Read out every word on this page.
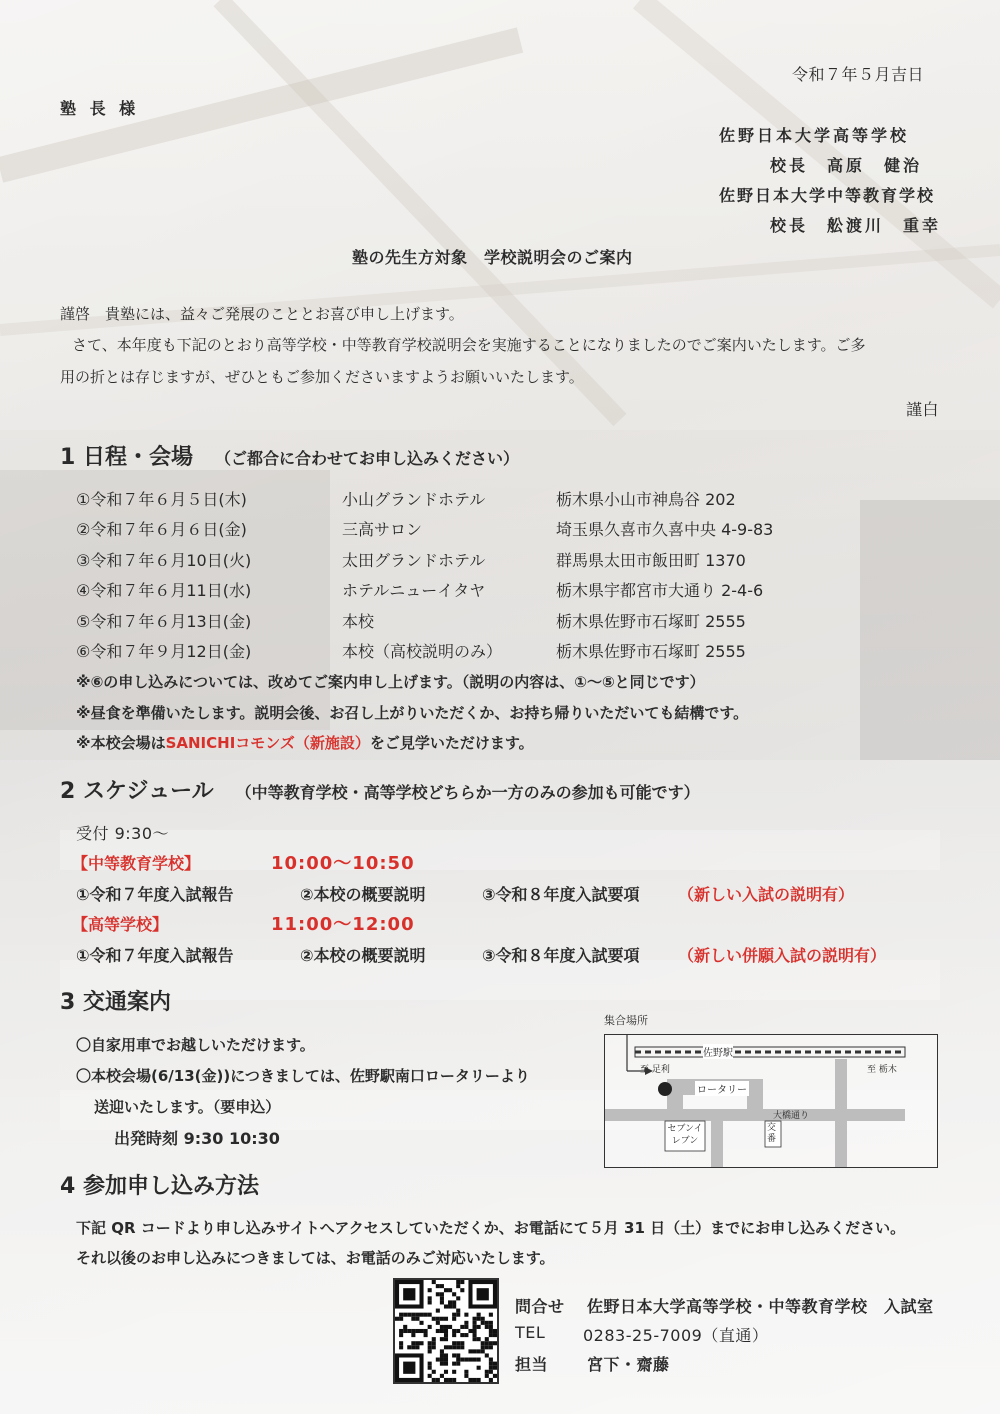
令和７年５月吉日
塾 長 様
佐野日本大学高等学校
校長　高原　健治
佐野日本大学中等教育学校
校長　舩渡川　重幸
塾の先生方対象　学校説明会のご案内
謹啓　貴塾には、益々ご発展のこととお喜び申し上げます。
さて、本年度も下記のとおり高等学校・中等教育学校説明会を実施することになりましたのでご案内いたします。ご多
用の折とは存じますが、ぜひともご参加くださいますようお願いいたします。
謹白
1 日程・会場 （ご都合に合わせてお申し込みください）
①令和７年６月５日(木)	小山グランドホテル	栃木県小山市神鳥谷 202
②令和７年６月６日(金)	三高サロン	埼玉県久喜市久喜中央 4-9-83
③令和７年６月10日(火)	太田グランドホテル	群馬県太田市飯田町 1370
④令和７年６月11日(水)	ホテルニューイタヤ	栃木県宇都宮市大通り 2-4-6
⑤令和７年６月13日(金)	本校	栃木県佐野市石塚町 2555
⑥令和７年９月12日(金)	本校（高校説明のみ）	栃木県佐野市石塚町 2555
※⑥の申し込みについては、改めてご案内申し上げます。（説明の内容は、①～⑤と同じです）
※昼食を準備いたします。説明会後、お召し上がりいただくか、お持ち帰りいただいても結構です。
※本校会場はSANICHIコモンズ（新施設）をご見学いただけます。
2 スケジュール （中等教育学校・高等学校どちらか一方のみの参加も可能です）
受付 9:30～
【中等教育学校】	10:00～10:50
①令和７年度入試報告	②本校の概要説明	③令和８年度入試要項 （新しい入試の説明有）
【高等学校】	11:00～12:00
①令和７年度入試報告	②本校の概要説明	③令和８年度入試要項 （新しい併願入試の説明有）
3 交通案内
〇自家用車でお越しいただけます。
〇本校会場(6/13(金))につきましては、佐野駅南口ロータリーより
送迎いたします。（要申込）
出発時刻 9:30 10:30
集合場所
佐野駅
至 足利	至 栃木
ロータリー
大橋通り
セブンイレブン
交番
4 参加申し込み方法
下記 QR コードより申し込みサイトへアクセスしていただくか、お電話にて５月 31 日（土）までにお申し込みください。
それ以後のお申し込みにつきましては、お電話のみご対応いたします。
問合せ 佐野日本大学高等学校・中等教育学校　入試室
TEL 0283-25-7009（直通）
担当 宮下・齋藤
